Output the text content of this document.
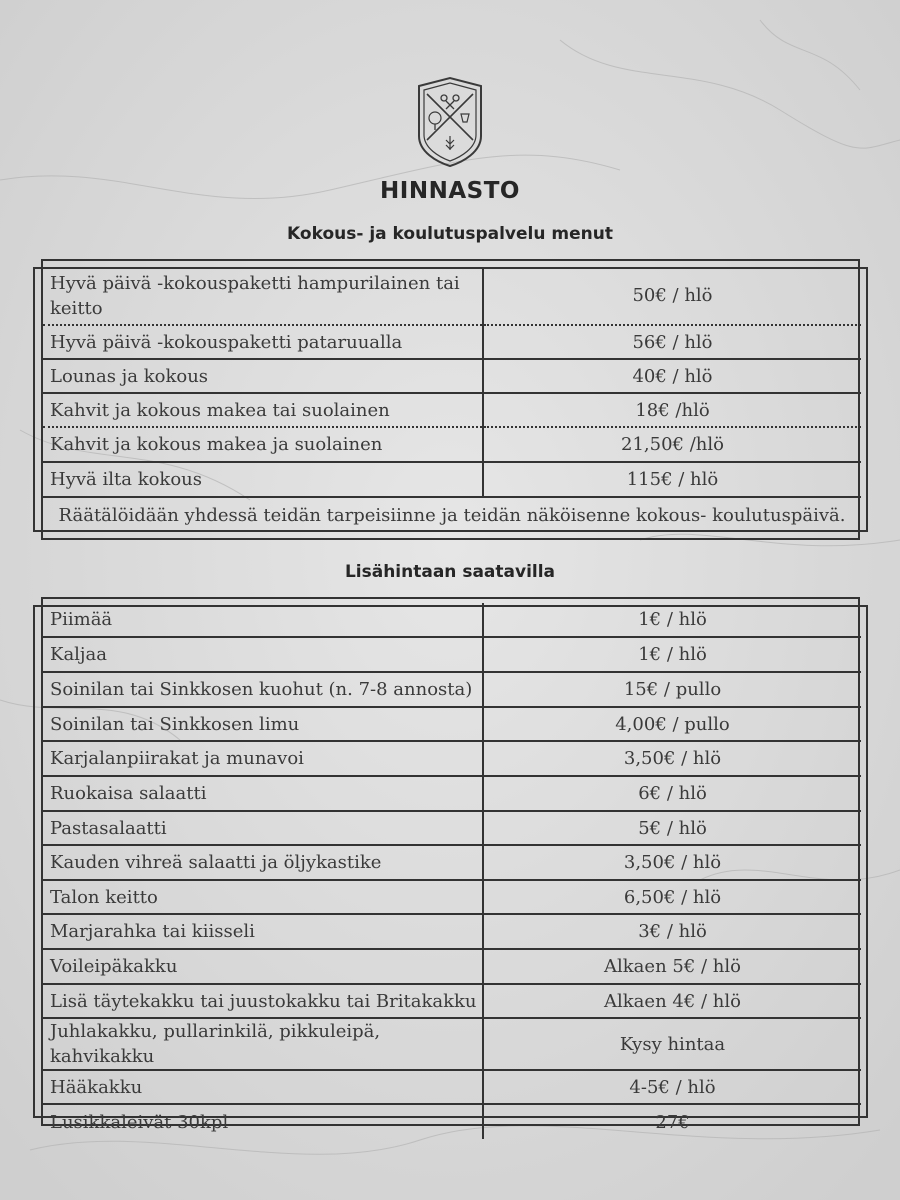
HINNASTO
Kokous- ja koulutuspalvelu menut
Hyvä päivä -kokouspaketti hampurilainen tai keitto	50€ / hlö
Hyvä päivä -kokouspaketti pataruualla	56€ / hlö
Lounas ja kokous	40€ / hlö
Kahvit ja kokous makea tai suolainen	18€ /hlö
Kahvit ja kokous makea ja suolainen	21,50€ /hlö
Hyvä ilta kokous	115€ / hlö
Räätälöidään yhdessä teidän tarpeisiinne ja teidän näköisenne kokous- koulutuspäivä.	
Lisähintaan saatavilla
Piimää	1€ / hlö
Kaljaa	1€ / hlö
Soinilan tai Sinkkosen kuohut (n. 7-8 annosta)	15€ / pullo
Soinilan tai Sinkkosen limu	4,00€ / pullo
Karjalanpiirakat ja munavoi	3,50€ / hlö
Ruokaisa salaatti	6€ / hlö
Pastasalaatti	5€ / hlö
Kauden vihreä salaatti ja öljykastike	3,50€ / hlö
Talon keitto	6,50€ / hlö
Marjarahka tai kiisseli	3€ / hlö
Voileipäkakku	Alkaen 5€ / hlö
Lisä täytekakku tai juustokakku tai Britakakku	Alkaen 4€ / hlö
Juhlakakku, pullarinkilä, pikkuleipä, kahvikakku	Kysy hintaa
Hääkakku	4-5€ / hlö
Lusikkaleivät 30kpl	27€
